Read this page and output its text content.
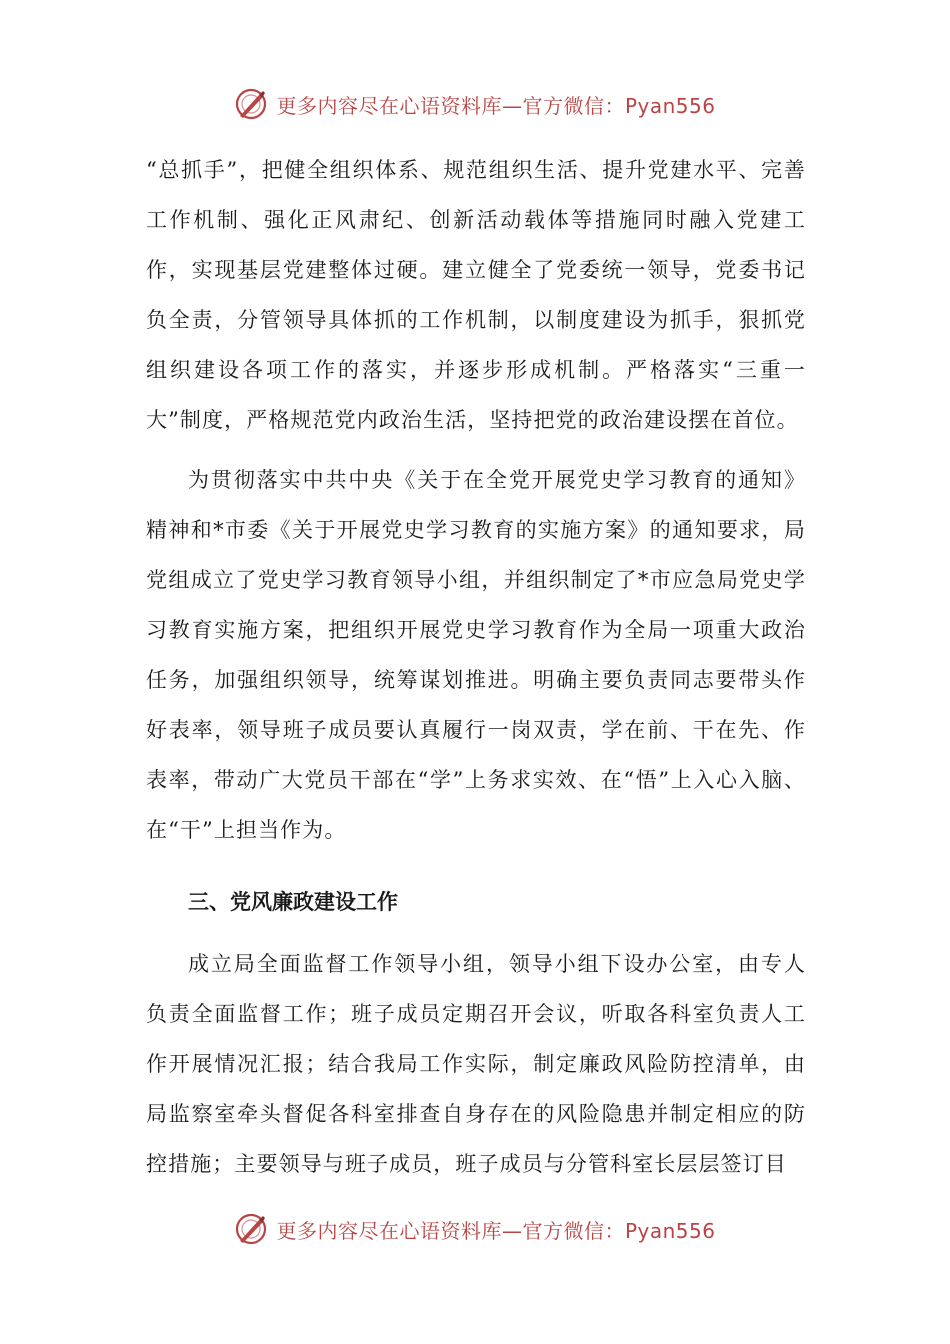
更多内容尽在心语资料库—官方微信：Pyan556

“总抓手”，把健全组织体系、规范组织生活、提升党建水平、完善工作机制、强化正风肃纪、创新活动载体等措施同时融入党建工作，实现基层党建整体过硬。建立健全了党委统一领导，党委书记负全责，分管领导具体抓的工作机制，以制度建设为抓手，狠抓党组织建设各项工作的落实，并逐步形成机制。严格落实“三重一大”制度，严格规范党内政治生活，坚持把党的政治建设摆在首位。

为贯彻落实中共中央《关于在全党开展党史学习教育的通知》精神和*市委《关于开展党史学习教育的实施方案》的通知要求，局党组成立了党史学习教育领导小组，并组织制定了*市应急局党史学习教育实施方案，把组织开展党史学习教育作为全局一项重大政治任务，加强组织领导，统筹谋划推进。明确主要负责同志要带头作好表率，领导班子成员要认真履行一岗双责，学在前、干在先、作表率，带动广大党员干部在“学”上务求实效、在“悟”上入心入脑、在“干”上担当作为。

三、党风廉政建设工作

成立局全面监督工作领导小组，领导小组下设办公室，由专人负责全面监督工作；班子成员定期召开会议，听取各科室负责人工作开展情况汇报；结合我局工作实际，制定廉政风险防控清单，由局监察室牵头督促各科室排查自身存在的风险隐患并制定相应的防控措施；主要领导与班子成员，班子成员与分管科室长层层签订目

更多内容尽在心语资料库—官方微信：Pyan556
